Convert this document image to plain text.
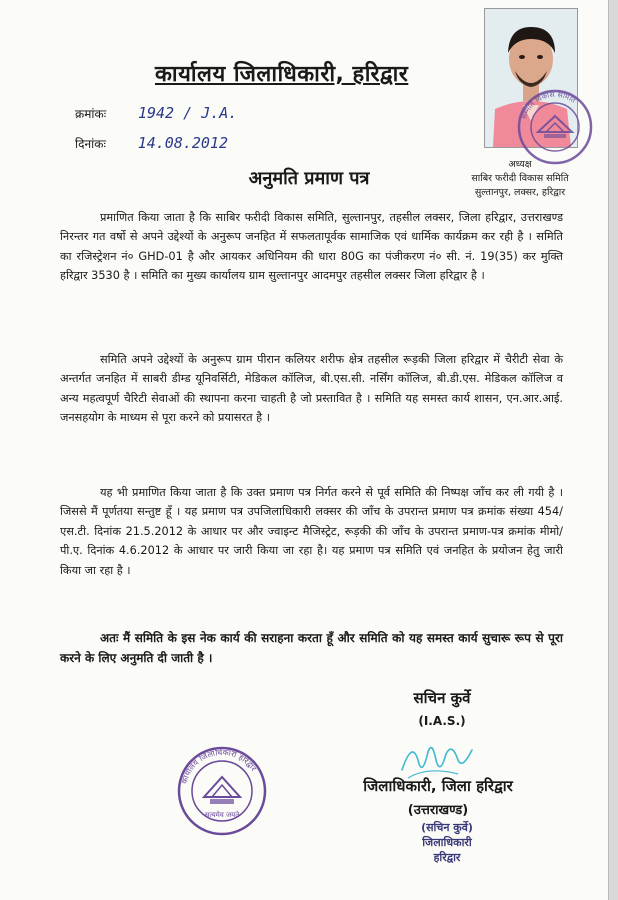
कार्यालय जिलाधिकारी, हरिद्वार
क्रमांकः 1942 / J.A.
दिनांकः 14.08.2012
सम्मति विकास समिति
अध्यक्ष
साबिर फरीदी विकास समिति
सुल्तानपुर, लक्सर, हरिद्वार
अनुमति प्रमाण पत्र
प्रमाणित किया जाता है कि साबिर फरीदी विकास समिति, सुल्तानपुर, तहसील लक्सर, जिला हरिद्वार, उत्तराखण्ड निरन्तर गत वर्षो से अपने उद्देश्यों के अनुरूप जनहित में सफलतापूर्वक सामाजिक एवं धार्मिक कार्यक्रम कर रही है । समिति का रजिस्ट्रेशन नं० GHD-01 है और आयकर अधिनियम की धारा 80G का पंजीकरण नं० सी. नं. 19(35) कर मुक्ति हरिद्वार 3530 है । समिति का मुख्य कार्यालय ग्राम सुल्तानपुर आदमपुर तहसील लक्सर जिला हरिद्वार है ।
समिति अपने उद्देश्यों के अनुरूप ग्राम पीरान कलियर शरीफ क्षेत्र तहसील रूड़की जिला हरिद्वार में चैरीटी सेवा के अन्तर्गत जनहित में साबरी डीम्ड यूनिवर्सिटी, मेडिकल कॉलिज, बी.एस.सी. नर्सिंग कॉलिज, बी.डी.एस. मेडिकल कॉलिज व अन्य महत्वपूर्ण चैरिटी सेवाओं की स्थापना करना चाहती है जो प्रस्तावित है । समिति यह समस्त कार्य शासन, एन.आर.आई. जनसहयोग के माध्यम से पूरा करने को प्रयासरत है ।
यह भी प्रमाणित किया जाता है कि उक्त प्रमाण पत्र निर्गत करने से पूर्व समिति की निष्पक्ष जॉंच कर ली गयी है । जिससे मैं पूर्णतया सन्तुष्ट हूँ । यह प्रमाण पत्र उपजिलाधिकारी लक्सर की जॉंच के उपरान्त प्रमाण पत्र क्रमांक संख्या 454/एस.टी. दिनांक 21.5.2012 के आधार पर और ज्वाइन्ट मैजिस्ट्रेट, रूड़की की जॉंच के उपरान्त प्रमाण-पत्र क्रमांक मीमो/पी.ए. दिनांक 4.6.2012 के आधार पर जारी किया जा रहा है। यह प्रमाण पत्र समिति एवं जनहित के प्रयोजन हेतु जारी किया जा रहा है ।
अतः मैं समिति के इस नेक कार्य की सराहना करता हूँ और समिति को यह समस्त कार्य सुचारू रूप से पूरा करने के लिए अनुमति दी जाती है ।
सचिन कुर्वे
(I.A.S.)
जिलाधिकारी, जिला हरिद्वार
(उत्तराखण्ड)
(सचिन कुर्वे)
जिलाधिकारी
हरिद्वार
कार्यालय जिलाधिकारी हरिद्वार
सत्यमेव जयते
